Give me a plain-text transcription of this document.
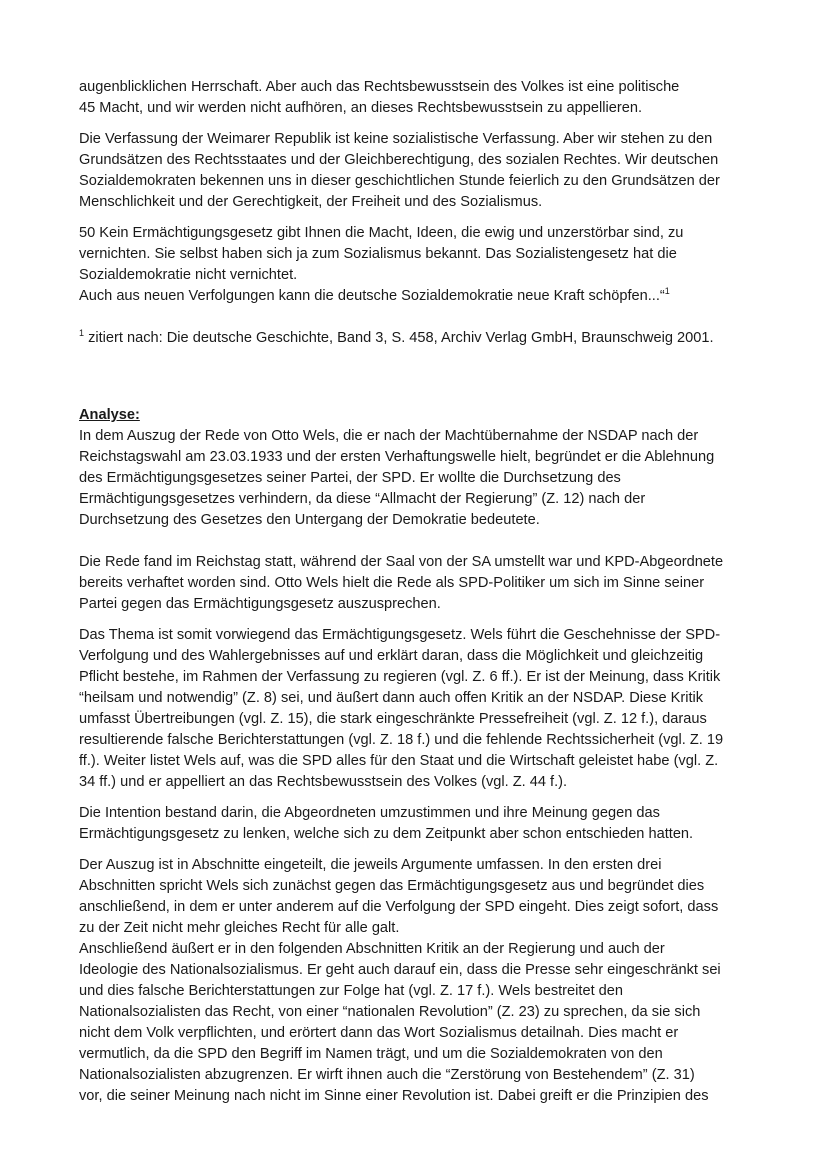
augenblicklichen Herrschaft. Aber auch das Rechtsbewusstsein des Volkes ist eine politische
45 Macht, und wir werden nicht aufhören, an dieses Rechtsbewusstsein zu appellieren.
Die Verfassung der Weimarer Republik ist keine sozialistische Verfassung. Aber wir stehen zu den
Grundsätzen des Rechtsstaates und der Gleichberechtigung, des sozialen Rechtes. Wir deutschen
Sozialdemokraten bekennen uns in dieser geschichtlichen Stunde feierlich zu den Grundsätzen der
Menschlichkeit und der Gerechtigkeit, der Freiheit und des Sozialismus.
50 Kein Ermächtigungsgesetz gibt Ihnen die Macht, Ideen, die ewig und unzerstörbar sind, zu
vernichten. Sie selbst haben sich ja zum Sozialismus bekannt. Das Sozialistengesetz hat die
Sozialdemokratie nicht vernichtet.
Auch aus neuen Verfolgungen kann die deutsche Sozialdemokratie neue Kraft schöpfen...“$^1$
$^1$ zitiert nach: Die deutsche Geschichte, Band 3, S. 458, Archiv Verlag GmbH, Braunschweig 2001.
Analyse:
In dem Auszug der Rede von Otto Wels, die er nach der Machtübernahme der NSDAP nach der
Reichstagswahl am 23.03.1933 und der ersten Verhaftungswelle hielt, begründet er die Ablehnung
des Ermächtigungsgesetzes seiner Partei, der SPD. Er wollte die Durchsetzung des
Ermächtigungsgesetzes verhindern, da diese “Allmacht der Regierung” (Z. 12) nach der
Durchsetzung des Gesetzes den Untergang der Demokratie bedeutete.
Die Rede fand im Reichstag statt, während der Saal von der SA umstellt war und KPD-Abgeordnete
bereits verhaftet worden sind. Otto Wels hielt die Rede als SPD-Politiker um sich im Sinne seiner
Partei gegen das Ermächtigungsgesetz auszusprechen.
Das Thema ist somit vorwiegend das Ermächtigungsgesetz. Wels führt die Geschehnisse der SPD-
Verfolgung und des Wahlergebnisses auf und erklärt daran, dass die Möglichkeit und gleichzeitig
Pflicht bestehe, im Rahmen der Verfassung zu regieren (vgl. Z. 6 ff.). Er ist der Meinung, dass Kritik
“heilsam und notwendig” (Z. 8) sei, und äußert dann auch offen Kritik an der NSDAP. Diese Kritik
umfasst Übertreibungen (vgl. Z. 15), die stark eingeschränkte Pressefreiheit (vgl. Z. 12 f.), daraus
resultierende falsche Berichterstattungen (vgl. Z. 18 f.) und die fehlende Rechtssicherheit (vgl. Z. 19
ff.). Weiter listet Wels auf, was die SPD alles für den Staat und die Wirtschaft geleistet habe (vgl. Z.
34 ff.) und er appelliert an das Rechtsbewusstsein des Volkes (vgl. Z. 44 f.).
Die Intention bestand darin, die Abgeordneten umzustimmen und ihre Meinung gegen das
Ermächtigungsgesetz zu lenken, welche sich zu dem Zeitpunkt aber schon entschieden hatten.
Der Auszug ist in Abschnitte eingeteilt, die jeweils Argumente umfassen. In den ersten drei
Abschnitten spricht Wels sich zunächst gegen das Ermächtigungsgesetz aus und begründet dies
anschließend, in dem er unter anderem auf die Verfolgung der SPD eingeht. Dies zeigt sofort, dass
zu der Zeit nicht mehr gleiches Recht für alle galt.
Anschließend äußert er in den folgenden Abschnitten Kritik an der Regierung und auch der
Ideologie des Nationalsozialismus. Er geht auch darauf ein, dass die Presse sehr eingeschränkt sei
und dies falsche Berichterstattungen zur Folge hat (vgl. Z. 17 f.). Wels bestreitet den
Nationalsozialisten das Recht, von einer “nationalen Revolution” (Z. 23) zu sprechen, da sie sich
nicht dem Volk verpflichten, und erörtert dann das Wort Sozialismus detailnah. Dies macht er
vermutlich, da die SPD den Begriff im Namen trägt, und um die Sozialdemokraten von den
Nationalsozialisten abzugrenzen. Er wirft ihnen auch die “Zerstörung von Bestehendem” (Z. 31)
vor, die seiner Meinung nach nicht im Sinne einer Revolution ist. Dabei greift er die Prinzipien des
